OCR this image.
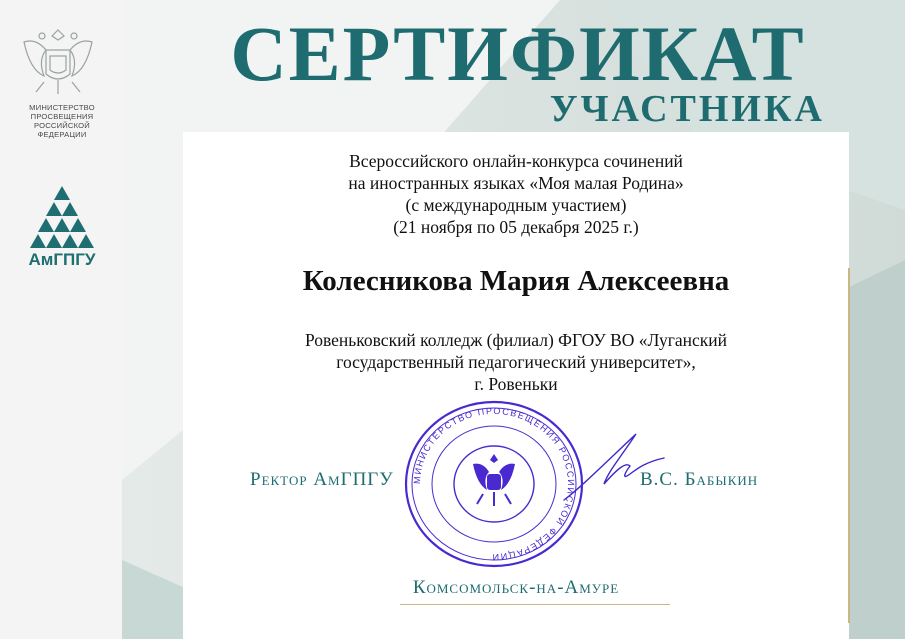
МИНИСТЕРСТВО
ПРОСВЕЩЕНИЯ
РОССИЙСКОЙ
ФЕДЕРАЦИИ
АмГПГУ
СЕРТИФИКАТ
УЧАСТНИКА
Всероссийского онлайн-конкурса сочинений
на иностранных языках «Моя малая Родина»
(с международным участием)
(21 ноября по 05 декабря 2025 г.)
Колесникова Мария Алексеевна
Ровеньковский колледж (филиал) ФГОУ ВО «Луганский
государственный педагогический университет»,
г. Ровеньки
Ректор АмГПГУ	В.С. Бабыкин
МИНИСТЕРСТВО ПРОСВЕЩЕНИЯ РОССИЙСКОЙ ФЕДЕРАЦИИ
Комсомольск-на-Амуре
